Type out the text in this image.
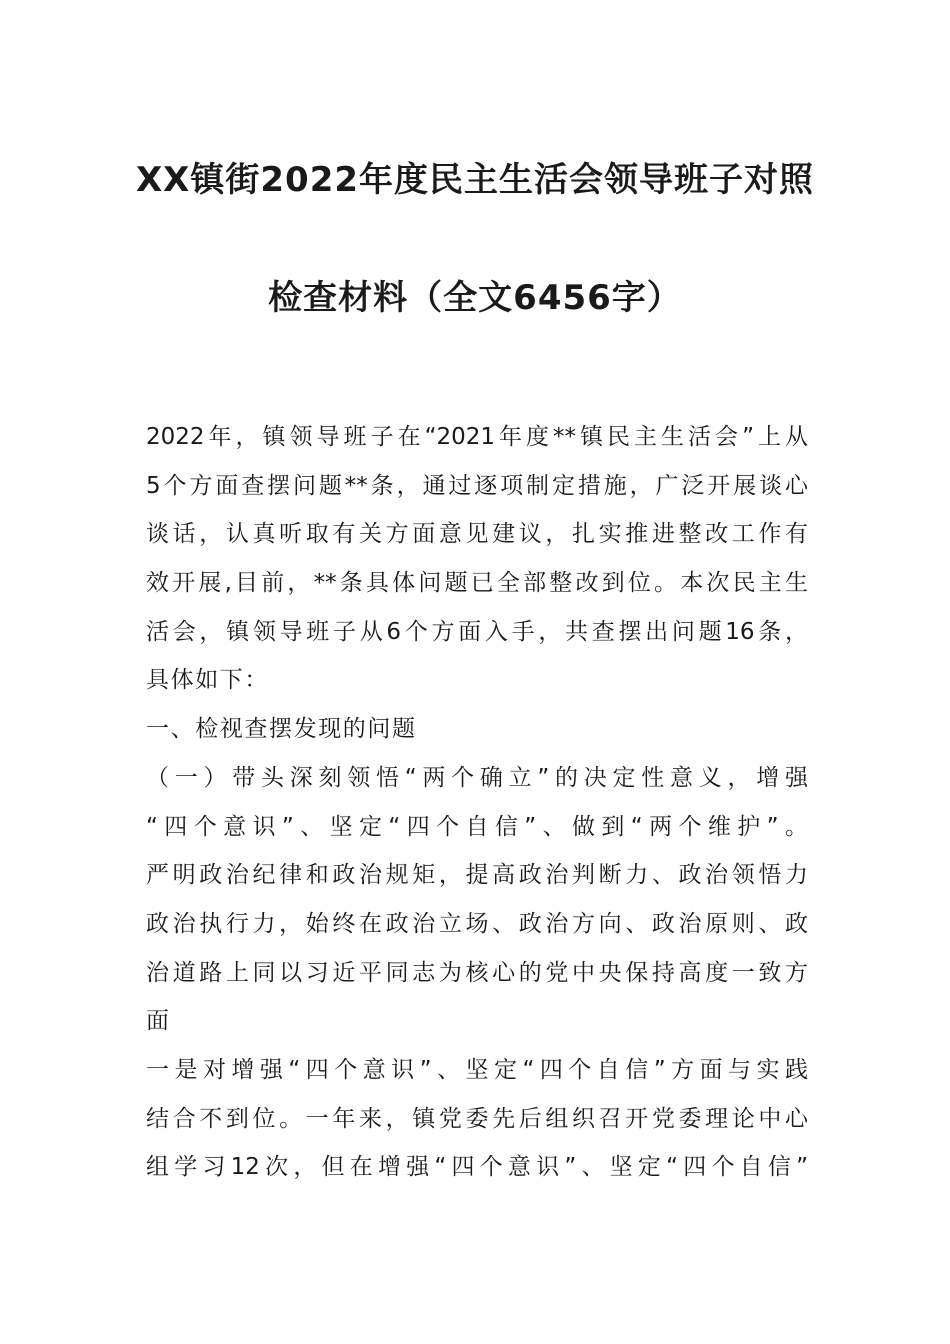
XX镇街2022年度民主生活会领导班子对照
检查材料（全文6456字）
2022年，镇领导班子在“2021年度**镇民主生活会”上从
5个方面查摆问题**条，通过逐项制定措施，广泛开展谈心
谈话，认真听取有关方面意见建议，扎实推进整改工作有
效开展,目前，**条具体问题已全部整改到位。本次民主生
活会，镇领导班子从6个方面入手，共查摆出问题16条，
具体如下：
一、检视查摆发现的问题
（一）带头深刻领悟“两个确立”的决定性意义，增强
“四个意识”、坚定“四个自信”、做到“两个维护”。
严明政治纪律和政治规矩，提高政治判断力、政治领悟力
政治执行力，始终在政治立场、政治方向、政治原则、政
治道路上同以习近平同志为核心的党中央保持高度一致方
面
一是对增强“四个意识”、坚定“四个自信”方面与实践
结合不到位。一年来，镇党委先后组织召开党委理论中心
组学习12次，但在增强“四个意识”、坚定“四个自信”
